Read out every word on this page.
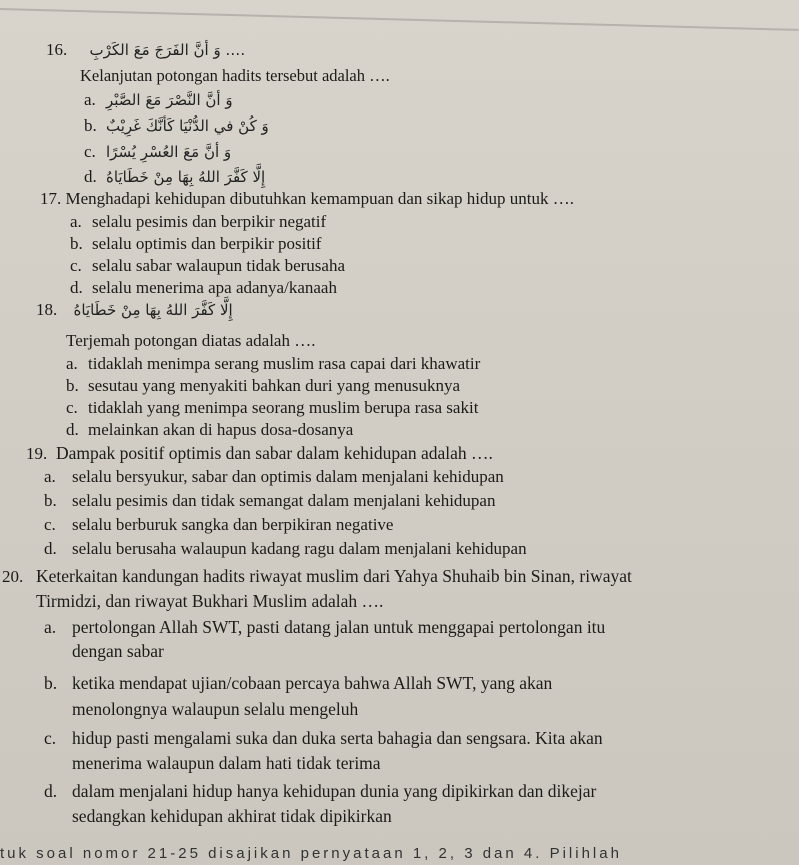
16. …. وَ أنَّ الفَرَجَ مَعَ الكَرْبِ
Kelanjutan potongan hadits tersebut adalah ….
a. وَ أنَّ النَّصْرَ مَعَ الصَّبْرِ
b. وَ كُنْ في الدُّنْيَا كَأنَّكَ غَرِيْبٌ
c. وَ أنَّ مَعَ العُسْرِ يُسْرًا
d. إِلَّا كَفَّرَ اللهُ بِهَا مِنْ خَطَايَاهُ
17. Menghadapi kehidupan dibutuhkan kemampuan dan sikap hidup untuk ….
a. selalu pesimis dan berpikir negatif
b. selalu optimis dan berpikir positif
c. selalu sabar walaupun tidak berusaha
d. selalu menerima apa adanya/kanaah
18. إِلَّا كَفَّرَ اللهُ بِهَا مِنْ خَطَايَاهُ
Terjemah potongan diatas adalah ….
a. tidaklah menimpa serang muslim rasa capai dari khawatir
b. sesutau yang menyakiti bahkan duri yang menusuknya
c. tidaklah yang menimpa seorang muslim berupa rasa sakit
d. melainkan akan di hapus dosa-dosanya
19. Dampak positif optimis dan sabar dalam kehidupan adalah ….
a. selalu bersyukur, sabar dan optimis dalam menjalani kehidupan
b. selalu pesimis dan tidak semangat dalam menjalani kehidupan
c. selalu berburuk sangka dan berpikiran negative
d. selalu berusaha walaupun kadang ragu dalam menjalani kehidupan
20. Keterkaitan kandungan hadits riwayat muslim dari Yahya Shuhaib bin Sinan, riwayat
Tirmidzi, dan riwayat Bukhari Muslim adalah ….
a. pertolongan Allah SWT, pasti datang jalan untuk menggapai pertolongan itu
dengan sabar
b. ketika mendapat ujian/cobaan percaya bahwa Allah SWT, yang akan
menolongnya walaupun selalu mengeluh
c. hidup pasti mengalami suka dan duka serta bahagia dan sengsara. Kita akan
menerima walaupun dalam hati tidak terima
d. dalam menjalani hidup hanya kehidupan dunia yang dipikirkan dan dikejar
sedangkan kehidupan akhirat tidak dipikirkan
tuk soal nomor 21-25 disajikan pernyataan 1, 2, 3 dan 4. Pilihlah
